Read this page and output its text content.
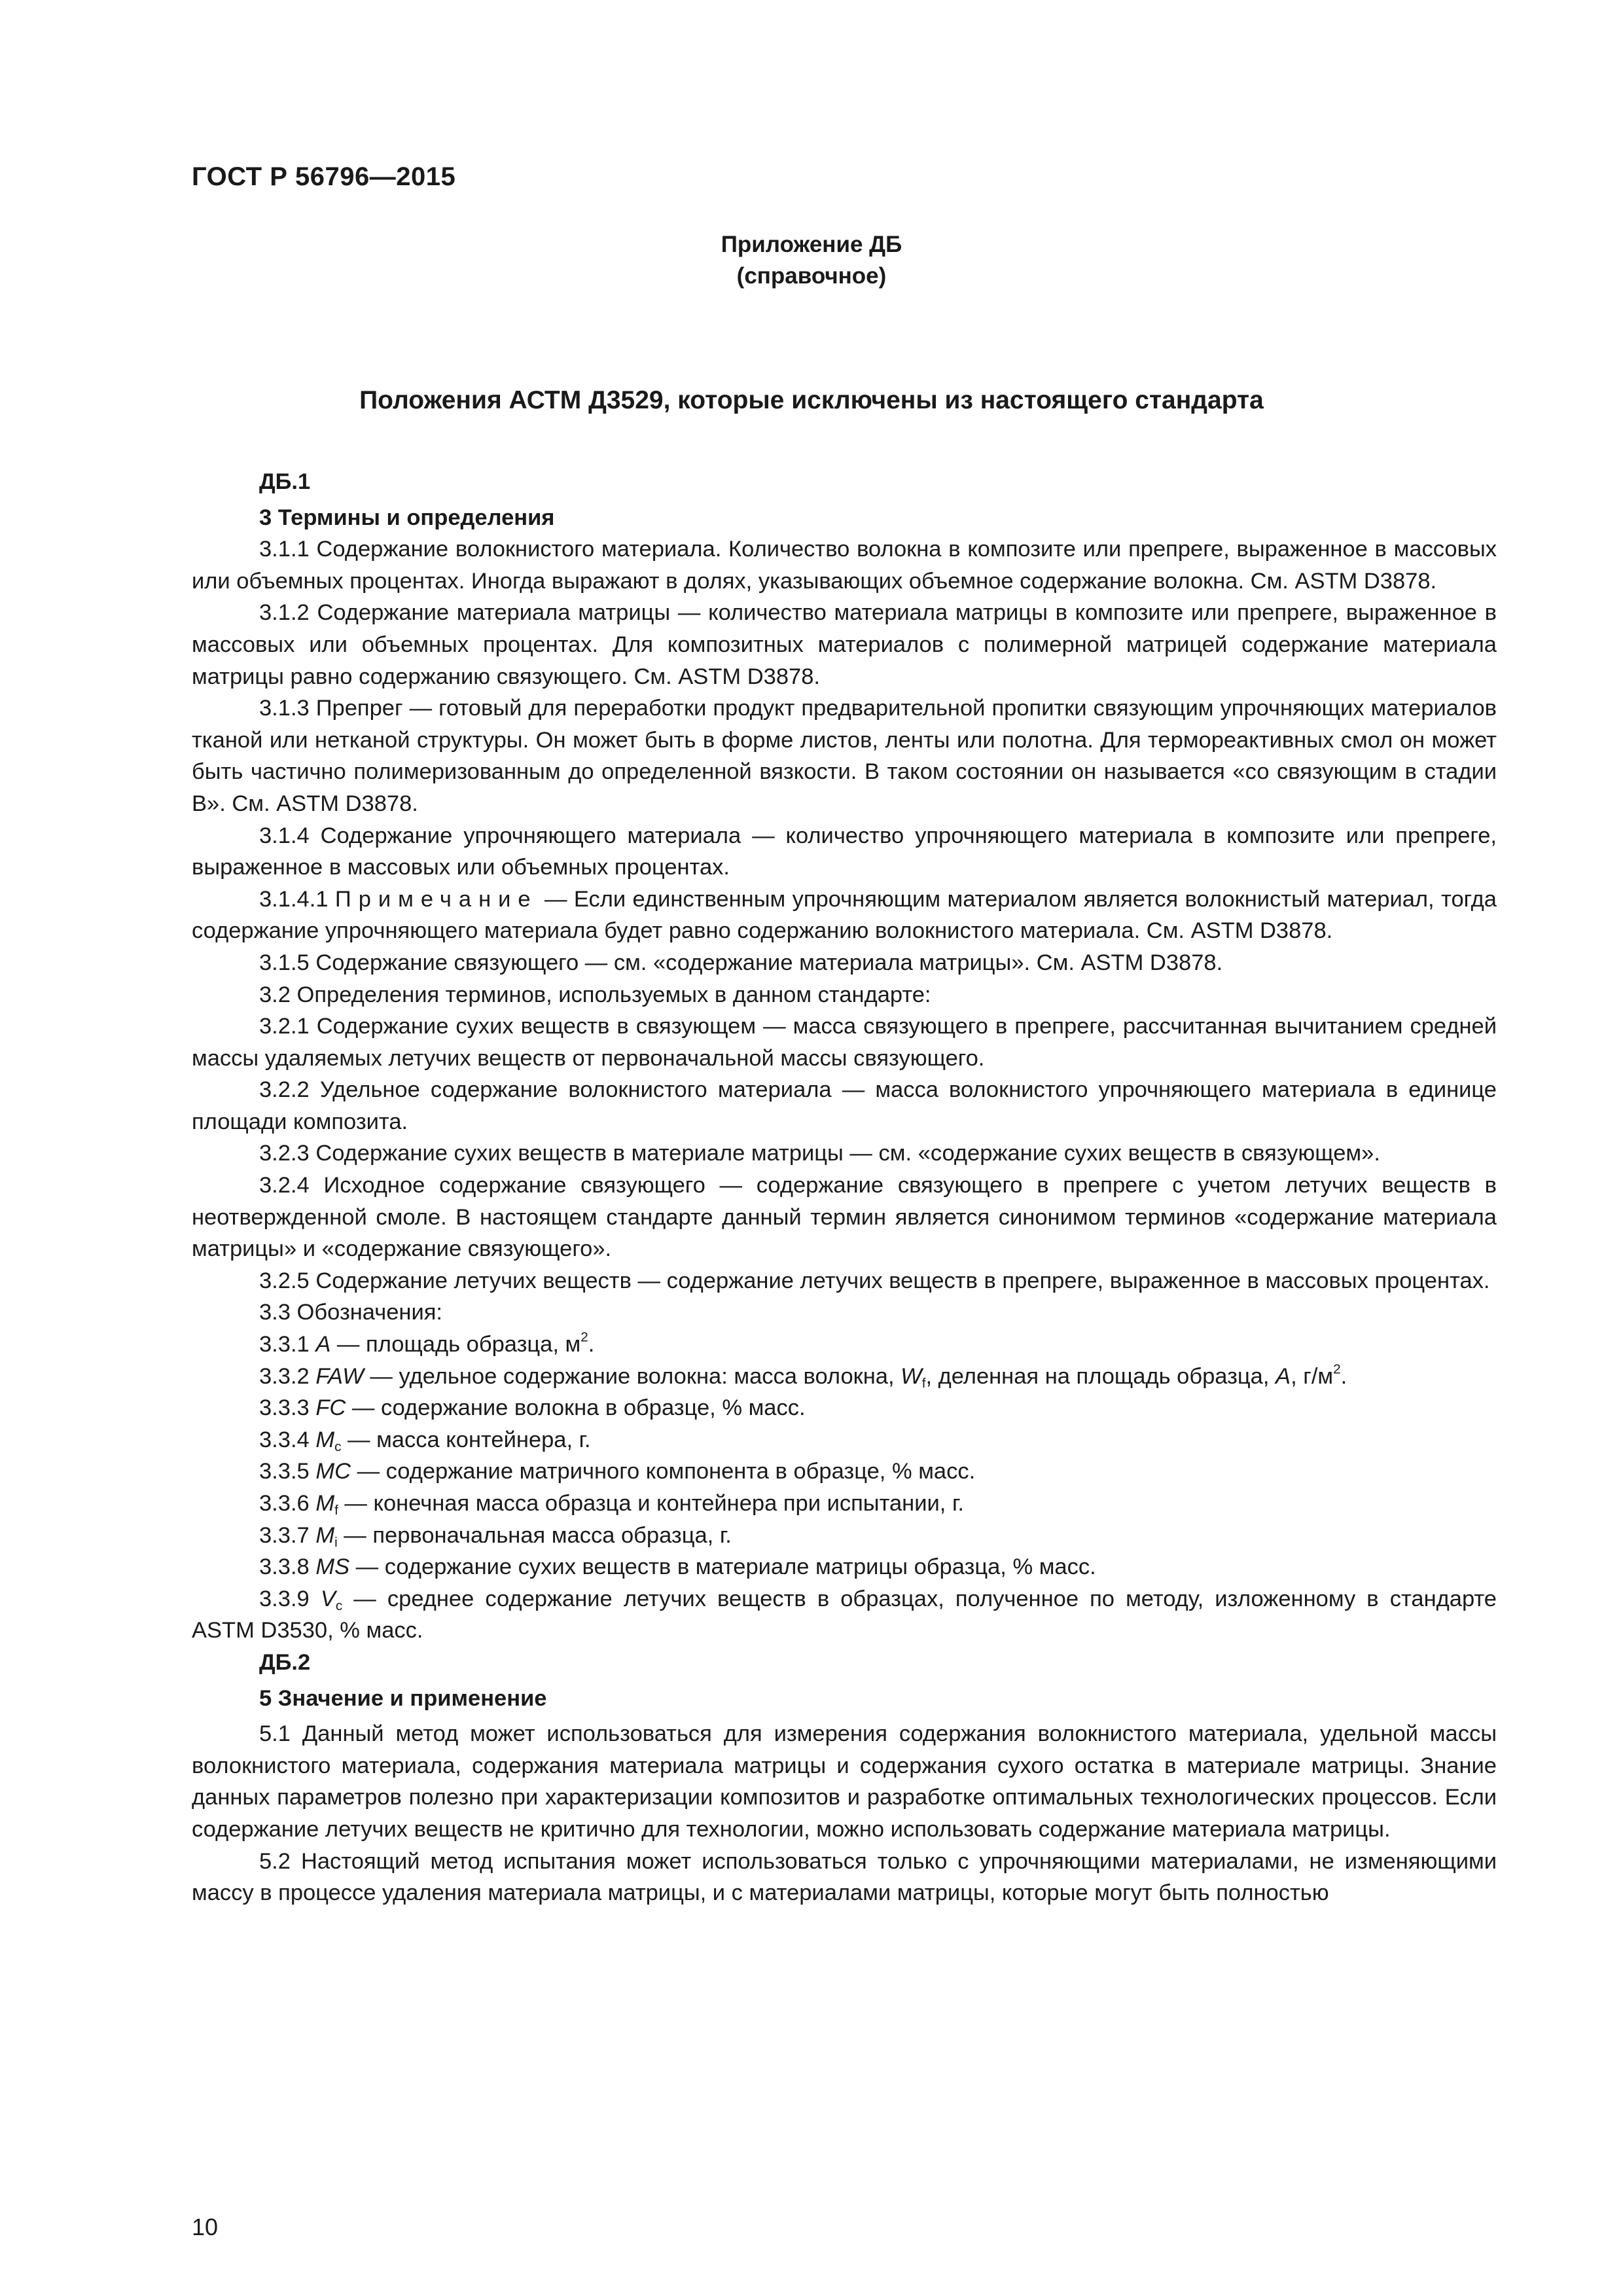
ГОСТ Р 56796—2015
Приложение ДБ
(справочное)
Положения АСТМ Д3529, которые исключены из настоящего стандарта

ДБ.1

3 Термины и определения

3.1.1 Содержание волокнистого материала. Количество волокна в композите или препреге, выраженное в массовых или объемных процентах. Иногда выражают в долях, указывающих объемное содержание волокна. См. ASTM D3878.

3.1.2 Содержание материала матрицы — количество материала матрицы в композите или препреге, выраженное в массовых или объемных процентах. Для композитных материалов с полимерной матрицей содержание материала матрицы равно содержанию связующего. См. ASTM D3878.

3.1.3 Препрег — готовый для переработки продукт предварительной пропитки связующим упрочняющих материалов тканой или нетканой структуры. Он может быть в форме листов, ленты или полотна. Для термореактивных смол он может быть частично полимеризованным до определенной вязкости. В таком состоянии он называется «со связующим в стадии В». См. ASTM D3878.

3.1.4 Содержание упрочняющего материала — количество упрочняющего материала в композите или препреге, выраженное в массовых или объемных процентах.

3.1.4.1 Примечание — Если единственным упрочняющим материалом является волокнистый материал, тогда содержание упрочняющего материала будет равно содержанию волокнистого материала. См. ASTM D3878.

3.1.5 Содержание связующего — см. «содержание материала матрицы». См. ASTM D3878.

3.2 Определения терминов, используемых в данном стандарте:

3.2.1 Содержание сухих веществ в связующем — масса связующего в препреге, рассчитанная вычитанием средней массы удаляемых летучих веществ от первоначальной массы связующего.

3.2.2 Удельное содержание волокнистого материала — масса волокнистого упрочняющего материала в единице площади композита.

3.2.3 Содержание сухих веществ в материале матрицы — см. «содержание сухих веществ в связующем».

3.2.4 Исходное содержание связующего — содержание связующего в препреге с учетом летучих веществ в неотвержденной смоле. В настоящем стандарте данный термин является синонимом терминов «содержание материала матрицы» и «содержание связующего».

3.2.5 Содержание летучих веществ — содержание летучих веществ в препреге, выраженное в массовых процентах.

3.3 Обозначения:

3.3.1 A — площадь образца, $м^2$.

3.3.2 FAW — удельное содержание волокна: масса волокна, $W_f$, деленная на площадь образца, A, $г/м^2$.

3.3.3 FC — содержание волокна в образце, % масс.

3.3.4 $M_c$ — масса контейнера, г.

3.3.5 MC — содержание матричного компонента в образце, % масс.

3.3.6 $M_f$ — конечная масса образца и контейнера при испытании, г.

3.3.7 $M_i$ — первоначальная масса образца, г.

3.3.8 MS — содержание сухих веществ в материале матрицы образца, % масс.

3.3.9 $V_c$ — среднее содержание летучих веществ в образцах, полученное по методу, изложенному в стандарте ASTM D3530, % масс.

ДБ.2

5 Значение и применение

5.1 Данный метод может использоваться для измерения содержания волокнистого материала, удельной массы волокнистого материала, содержания материала матрицы и содержания сухого остатка в материале матрицы. Знание данных параметров полезно при характеризации композитов и разработке оптимальных технологических процессов. Если содержание летучих веществ не критично для технологии, можно использовать содержание материала матрицы.

5.2 Настоящий метод испытания может использоваться только с упрочняющими материалами, не изменяющими массу в процессе удаления материала матрицы, и с материалами матрицы, которые могут быть полностью

10
